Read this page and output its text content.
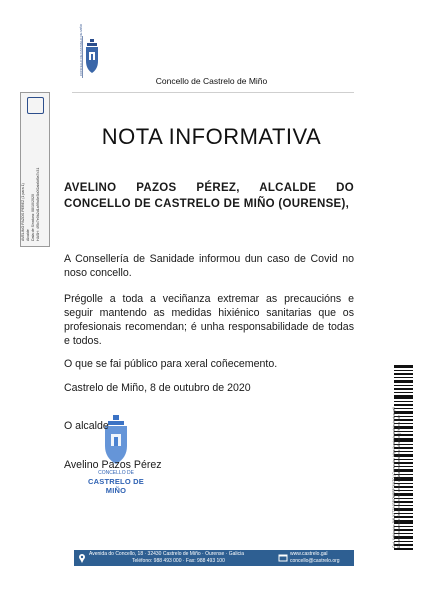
CONCELLO DE CASTRELO DE MIÑO
Concello de Castrelo de Miño
AVELINO PAZOS PEREZ (1 para 1) Alcalde Data de Sinatura: 08/10/2020 HASH: 4f5c7e0b2d1a99c8e3b0f2ab6d9a7c31
NOTA INFORMATIVA
AVELINO PAZOS PÉREZ, ALCALDE DO CONCELLO DE CASTRELO DE MIÑO (OURENSE),
A Consellería de Sanidade informou dun caso de Covid no noso concello.
Prégolle a toda a veciñanza extremar as precaucións e seguir mantendo as medidas hixiénico sanitarias que os profesionais recomendan; é unha responsabilidade de todas e todos.
O que se fai público para xeral coñecemento.
Castrelo de Miño, 8 de outubro de 2020
CONCELLO DE
CASTRELO DE MIÑO
O alcalde
Avelino Pazos Pérez	Cod. Validación: 3MLX2T7Y4GRQW6PP7XAZQ | Corrección: https://castrelo.sedelectronica.gal/ Documento asinado electronicamente desde a plataforma xestiona esPublico | Páxina 1 de 1
Avenida do Concello, 18 · 32430 Castrelo de Miño · Ourense · Galicia
Teléfono: 988 493 000 · Fax: 988 493 100
www.castrelo.gal
concello@castrelo.org
